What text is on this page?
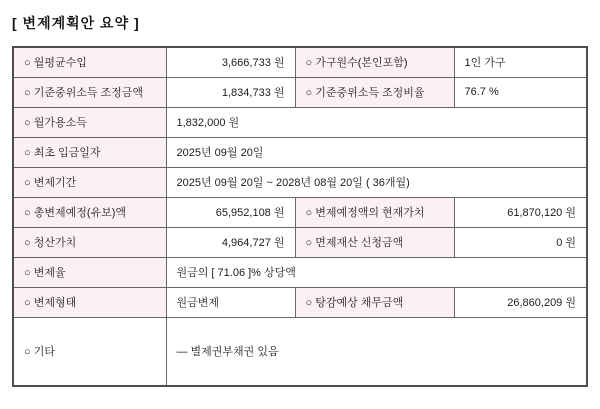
[ 변제계획안 요약 ]
○ 월평균수입	3,666,733 원	○ 가구원수(본인포함)	1인 가구
○ 기준중위소득 조정금액	1,834,733 원	○ 기준중위소득 조정비율	76.7 %
○ 월가용소득	1,832,000 원		
○ 최초 입금일자	2025년 09월 20일		
○ 변제기간	2025년 09월 20일 ~ 2028년 08월 20일 ( 36개월)		
○ 총변제예정(유보)액	65,952,108 원	○ 변제예정액의 현재가치	61,870,120 원
○ 청산가치	4,964,727 원	○ 면제재산 신청금액	0 원
○ 변제율	원금의 [ 71.06 ]% 상당액		
○ 변제형태	원금변제	○ 탕감예상 채무금액	26,860,209 원
○ 기타	— 별제권부채권 있음		
